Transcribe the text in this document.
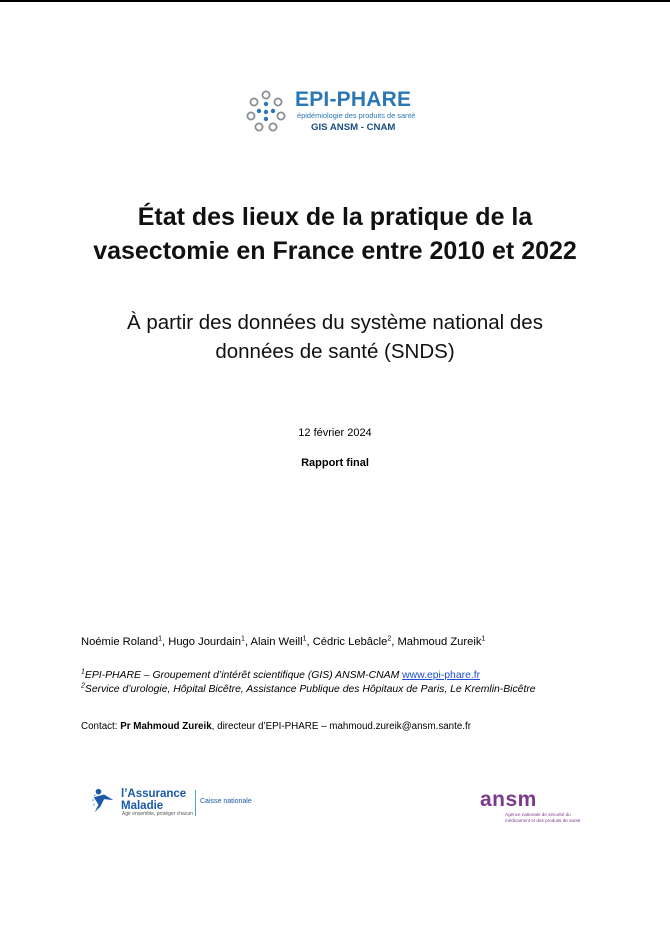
EPI-PHARE
épidémiologie des produits de santé
GIS ANSM - CNAM
État des lieux de la pratique de la
vasectomie en France entre 2010 et 2022
À partir des données du système national des
données de santé (SNDS)
12 février 2024
Rapport final
Noémie Roland$^1$, Hugo Jourdain$^1$, Alain Weill$^1$, Cédric Lebâcle$^2$, Mahmoud Zureik$^1$
$^1$EPI-PHARE – Groupement d’intérêt scientifique (GIS) ANSM-CNAM www.epi-phare.fr
$^2$Service d’urologie, Hôpital Bicêtre, Assistance Publique des Hôpitaux de Paris, Le Kremlin-Bicêtre
Contact: Pr Mahmoud Zureik, directeur d’EPI-PHARE – mahmoud.zureik@ansm.sante.fr
l’Assurance
Maladie
Agir ensemble, protéger chacun
Caisse nationale	ansm
Agence nationale de sécurité du médicament et des produits de santé
